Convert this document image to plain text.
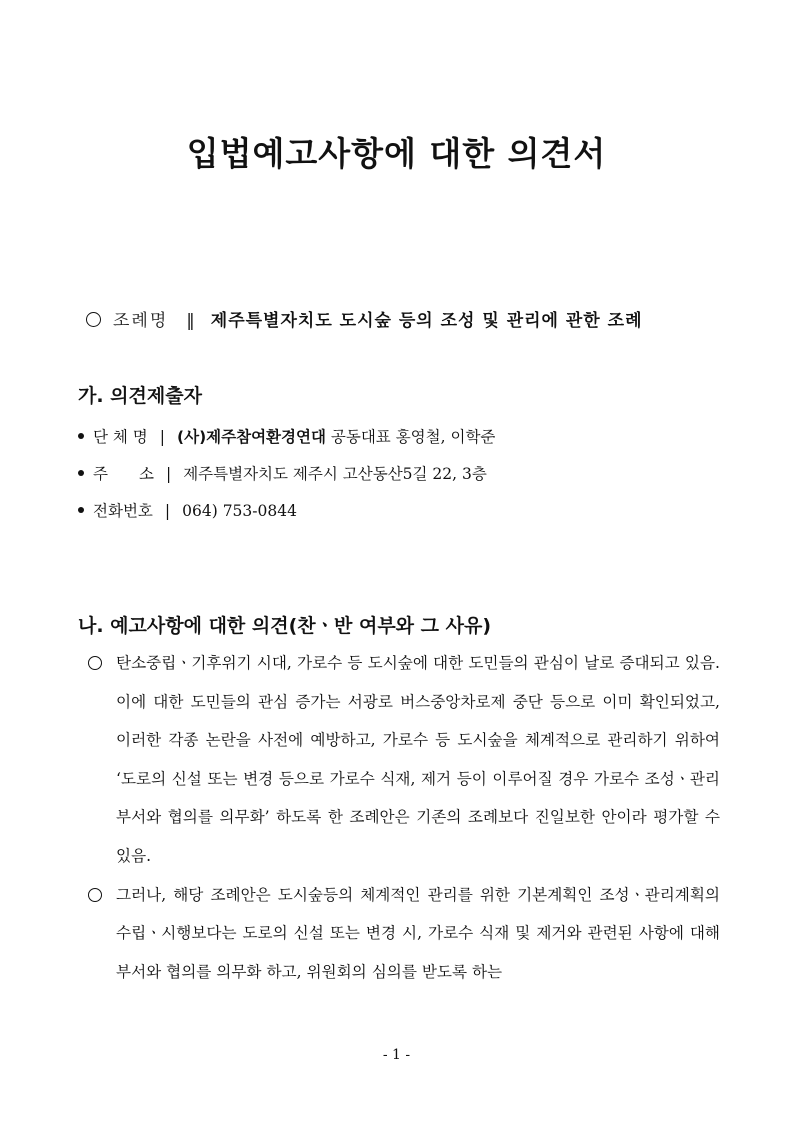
입법예고사항에 대한 의견서
조례명 ‖ 제주특별자치도 도시숲 등의 조성 및 관리에 관한 조례
가. 의견제출자
단 체 명 | (사)제주참여환경연대 공동대표 홍영철, 이학준
주　　소 | 제주특별자치도 제주시 고산동산5길 22, 3층
전화번호 | 064) 753-0844
나. 예고사항에 대한 의견(찬ㆍ반 여부와 그 사유)
탄소중립ㆍ기후위기 시대, 가로수 등 도시숲에 대한 도민들의 관심이 날로 증대되고 있음. 이에 대한 도민들의 관심 증가는 서광로 버스중앙차로제 중단 등으로 이미 확인되었고, 이러한 각종 논란을 사전에 예방하고, 가로수 등 도시숲을 체계적으로 관리하기 위하여 ‘도로의 신설 또는 변경 등으로 가로수 식재, 제거 등이 이루어질 경우 가로수 조성ㆍ관리 부서와 협의를 의무화’ 하도록 한 조례안은 기존의 조례보다 진일보한 안이라 평가할 수 있음.
그러나, 해당 조례안은 도시숲등의 체계적인 관리를 위한 기본계획인 조성ㆍ관리계획의 수립ㆍ시행보다는 도로의 신설 또는 변경 시, 가로수 식재 및 제거와 관련된 사항에 대해 부서와 협의를 의무화 하고, 위원회의 심의를 받도록 하는
- 1 -
